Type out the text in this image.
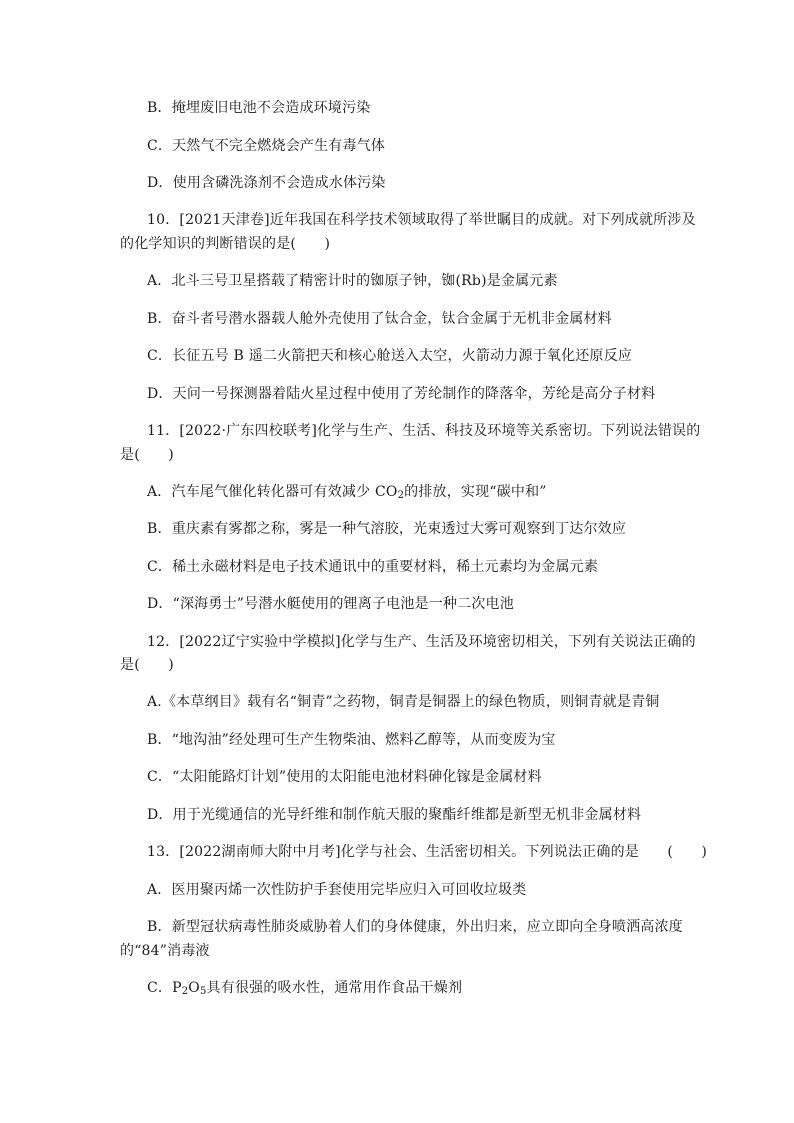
B．掩埋废旧电池不会造成环境污染
C．天然气不完全燃烧会产生有毒气体
D．使用含磷洗涤剂不会造成水体污染
10．[2021天津卷]近年我国在科学技术领域取得了举世瞩目的成就。对下列成就所涉及
的化学知识的判断错误的是(　　)
A．北斗三号卫星搭载了精密计时的铷原子钟，铷(Rb)是金属元素
B．奋斗者号潜水器载人舱外壳使用了钛合金，钛合金属于无机非金属材料
C．长征五号 B 遥二火箭把天和核心舱送入太空，火箭动力源于氧化还原反应
D．天问一号探测器着陆火星过程中使用了芳纶制作的降落伞，芳纶是高分子材料
11．[2022·广东四校联考]化学与生产、生活、科技及环境等关系密切。下列说法错误的
是(　　)
A．汽车尾气催化转化器可有效减少 $CO_2$的排放，实现“碳中和”
B．重庆素有雾都之称，雾是一种气溶胶，光束透过大雾可观察到丁达尔效应
C．稀土永磁材料是电子技术通讯中的重要材料，稀土元素均为金属元素
D．“深海勇士”号潜水艇使用的锂离子电池是一种二次电池
12．[2022辽宁实验中学模拟]化学与生产、生活及环境密切相关，下列有关说法正确的
是(　　)
A.《本草纲目》载有名“铜青”之药物，铜青是铜器上的绿色物质，则铜青就是青铜
B．“地沟油”经处理可生产生物柴油、燃料乙醇等，从而变废为宝
C．“太阳能路灯计划”使用的太阳能电池材料砷化镓是金属材料
D．用于光缆通信的光导纤维和制作航天服的聚酯纤维都是新型无机非金属材料
13．[2022湖南师大附中月考]化学与社会、生活密切相关。下列说法正确的是　　(　　)
A．医用聚丙烯一次性防护手套使用完毕应归入可回收垃圾类
B．新型冠状病毒性肺炎威胁着人们的身体健康，外出归来，应立即向全身喷洒高浓度
的“84”消毒液
C．$P_2O_5$具有很强的吸水性，通常用作食品干燥剂
